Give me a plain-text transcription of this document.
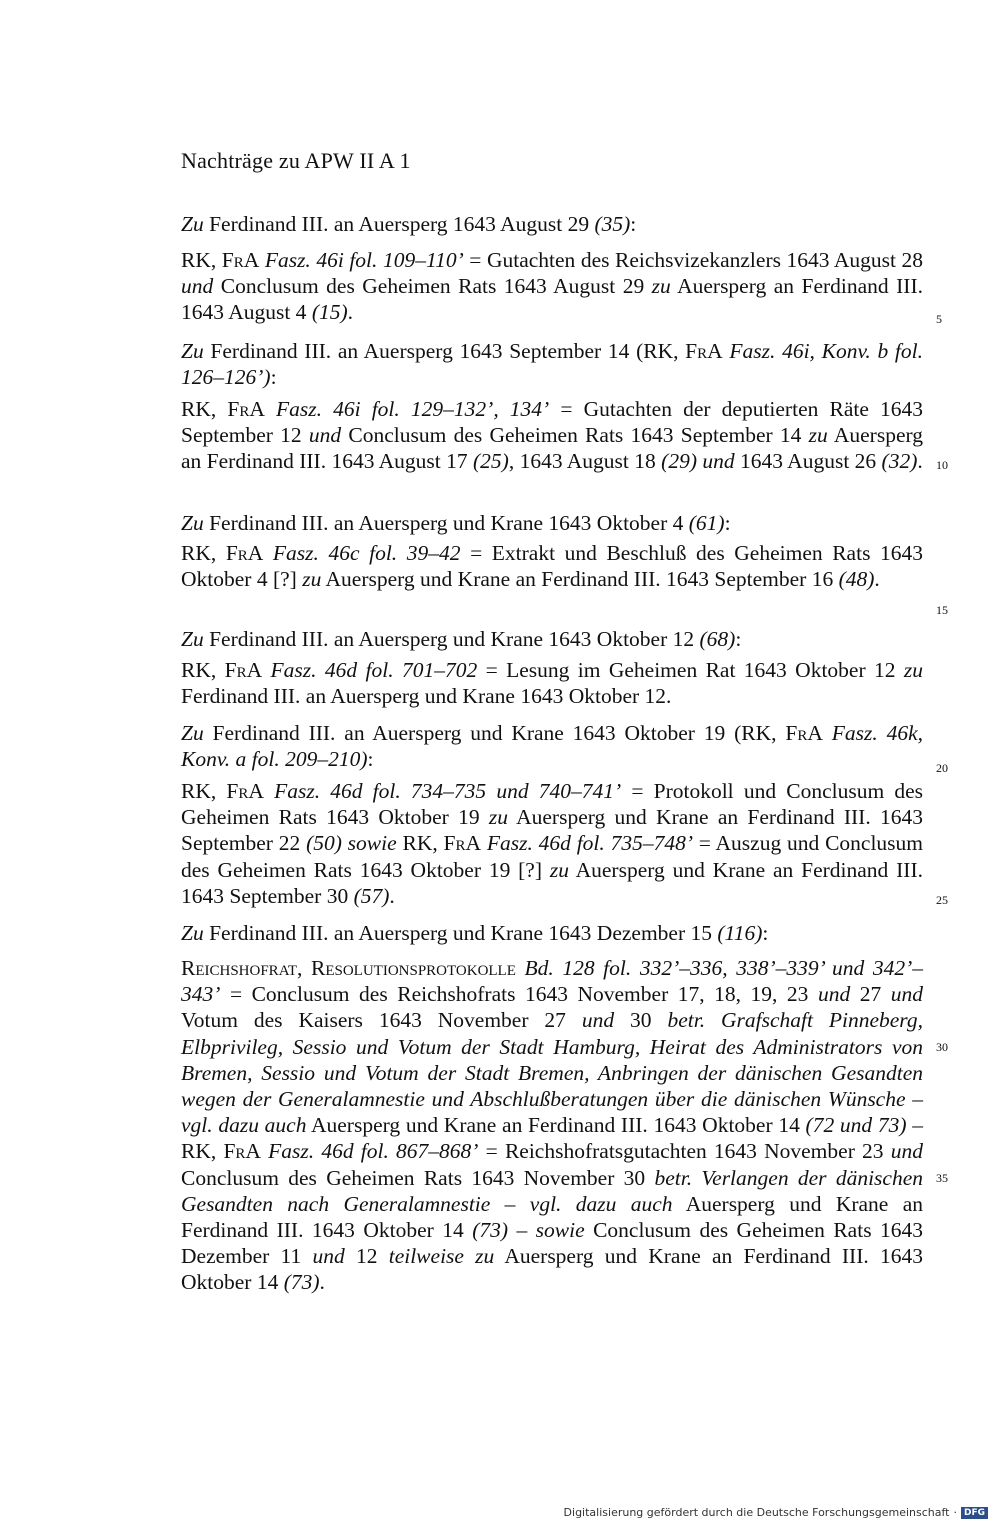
Nachträge zu APW II A 1
Zu Ferdinand III. an Auersperg 1643 August 29 (35):
RK, FrA Fasz. 46i fol. 109–110’ = Gutachten des Reichsvizekanzlers 1643 August 28 und Conclusum des Geheimen Rats 1643 August 29 zu Auersperg an Ferdinand III. 1643 August 4 (15).
Zu Ferdinand III. an Auersperg 1643 September 14 (RK, FrA Fasz. 46i, Konv. b fol. 126–126’):
RK, FrA Fasz. 46i fol. 129–132’, 134’ = Gutachten der deputierten Räte 1643 September 12 und Conclusum des Geheimen Rats 1643 September 14 zu Auersperg an Ferdinand III. 1643 August 17 (25), 1643 August 18 (29) und 1643 August 26 (32).
Zu Ferdinand III. an Auersperg und Krane 1643 Oktober 4 (61):
RK, FrA Fasz. 46c fol. 39–42 = Extrakt und Beschluß des Geheimen Rats 1643 Oktober 4 [?] zu Auersperg und Krane an Ferdinand III. 1643 September 16 (48).
Zu Ferdinand III. an Auersperg und Krane 1643 Oktober 12 (68):
RK, FrA Fasz. 46d fol. 701–702 = Lesung im Geheimen Rat 1643 Oktober 12 zu Ferdinand III. an Auersperg und Krane 1643 Oktober 12.
Zu Ferdinand III. an Auersperg und Krane 1643 Oktober 19 (RK, FrA Fasz. 46k, Konv. a fol. 209–210):
RK, FrA Fasz. 46d fol. 734–735 und 740–741’ = Protokoll und Conclusum des Geheimen Rats 1643 Oktober 19 zu Auersperg und Krane an Ferdinand III. 1643 September 22 (50) sowie RK, FrA Fasz. 46d fol. 735–748’ = Auszug und Conclusum des Geheimen Rats 1643 Oktober 19 [?] zu Auersperg und Krane an Ferdinand III. 1643 September 30 (57).
Zu Ferdinand III. an Auersperg und Krane 1643 Dezember 15 (116):
Reichshofrat, Resolutionsprotokolle Bd. 128 fol. 332’–336, 338’–339’ und 342’–343’ = Conclusum des Reichshofrats 1643 November 17, 18, 19, 23 und 27 und Votum des Kaisers 1643 November 27 und 30 betr. Grafschaft Pinneberg, Elbprivileg, Sessio und Votum der Stadt Hamburg, Heirat des Administrators von Bremen, Sessio und Votum der Stadt Bremen, Anbringen der dänischen Gesandten wegen der Generalamnestie und Abschlußberatungen über die dänischen Wünsche – vgl. dazu auch Auersperg und Krane an Ferdinand III. 1643 Oktober 14 (72 und 73) – RK, FrA Fasz. 46d fol. 867–868’ = Reichshofratsgutachten 1643 November 23 und Conclusum des Geheimen Rats 1643 November 30 betr. Verlangen der dänischen Gesandten nach Generalamnestie – vgl. dazu auch Auersperg und Krane an Ferdinand III. 1643 Oktober 14 (73) – sowie Conclusum des Geheimen Rats 1643 Dezember 11 und 12 teilweise zu Auersperg und Krane an Ferdinand III. 1643 Oktober 14 (73).
5
10
15
20
25
30
35
Digitalisierung gefördert durch die Deutsche Forschungsgemeinschaft · DFG
